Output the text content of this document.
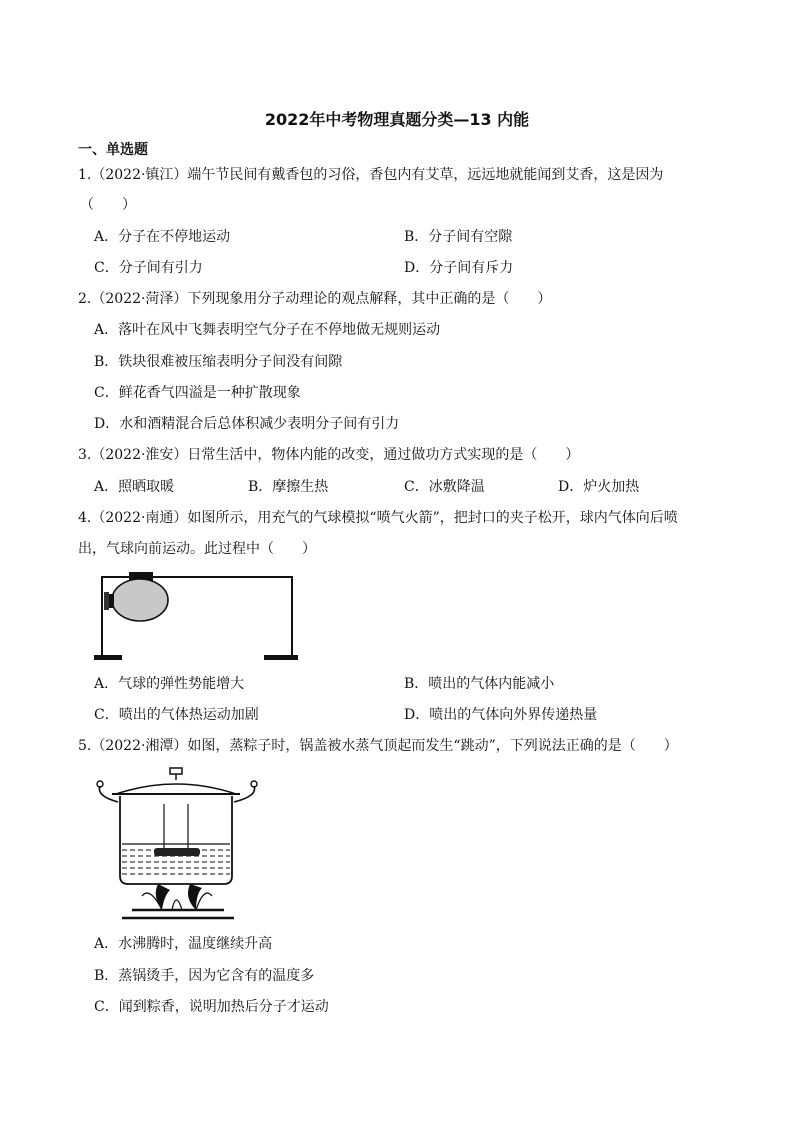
2022年中考物理真题分类—13 内能
一、单选题
1.（2022·镇江）端午节民间有戴香包的习俗，香包内有艾草，远远地就能闻到艾香，这是因为
（　　）
A．分子在不停地运动	B．分子间有空隙
C．分子间有引力	D．分子间有斥力
2.（2022·菏泽）下列现象用分子动理论的观点解释，其中正确的是（　　）
A．落叶在风中飞舞表明空气分子在不停地做无规则运动
B．铁块很难被压缩表明分子间没有间隙
C．鲜花香气四溢是一种扩散现象
D．水和酒精混合后总体积减少表明分子间有引力
3.（2022·淮安）日常生活中，物体内能的改变，通过做功方式实现的是（　　）
A．照晒取暖	B．摩擦生热	C．冰敷降温	D．炉火加热
4.（2022·南通）如图所示，用充气的气球模拟“喷气火箭”，把封口的夹子松开，球内气体向后喷
出，气球向前运动。此过程中（　　）
A．气球的弹性势能增大	B．喷出的气体内能减小
C．喷出的气体热运动加剧	D．喷出的气体向外界传递热量
5.（2022·湘潭）如图，蒸粽子时，锅盖被水蒸气顶起而发生“跳动”，下列说法正确的是（　　）
A．水沸腾时，温度继续升高
B．蒸锅烫手，因为它含有的温度多
C．闻到粽香，说明加热后分子才运动
